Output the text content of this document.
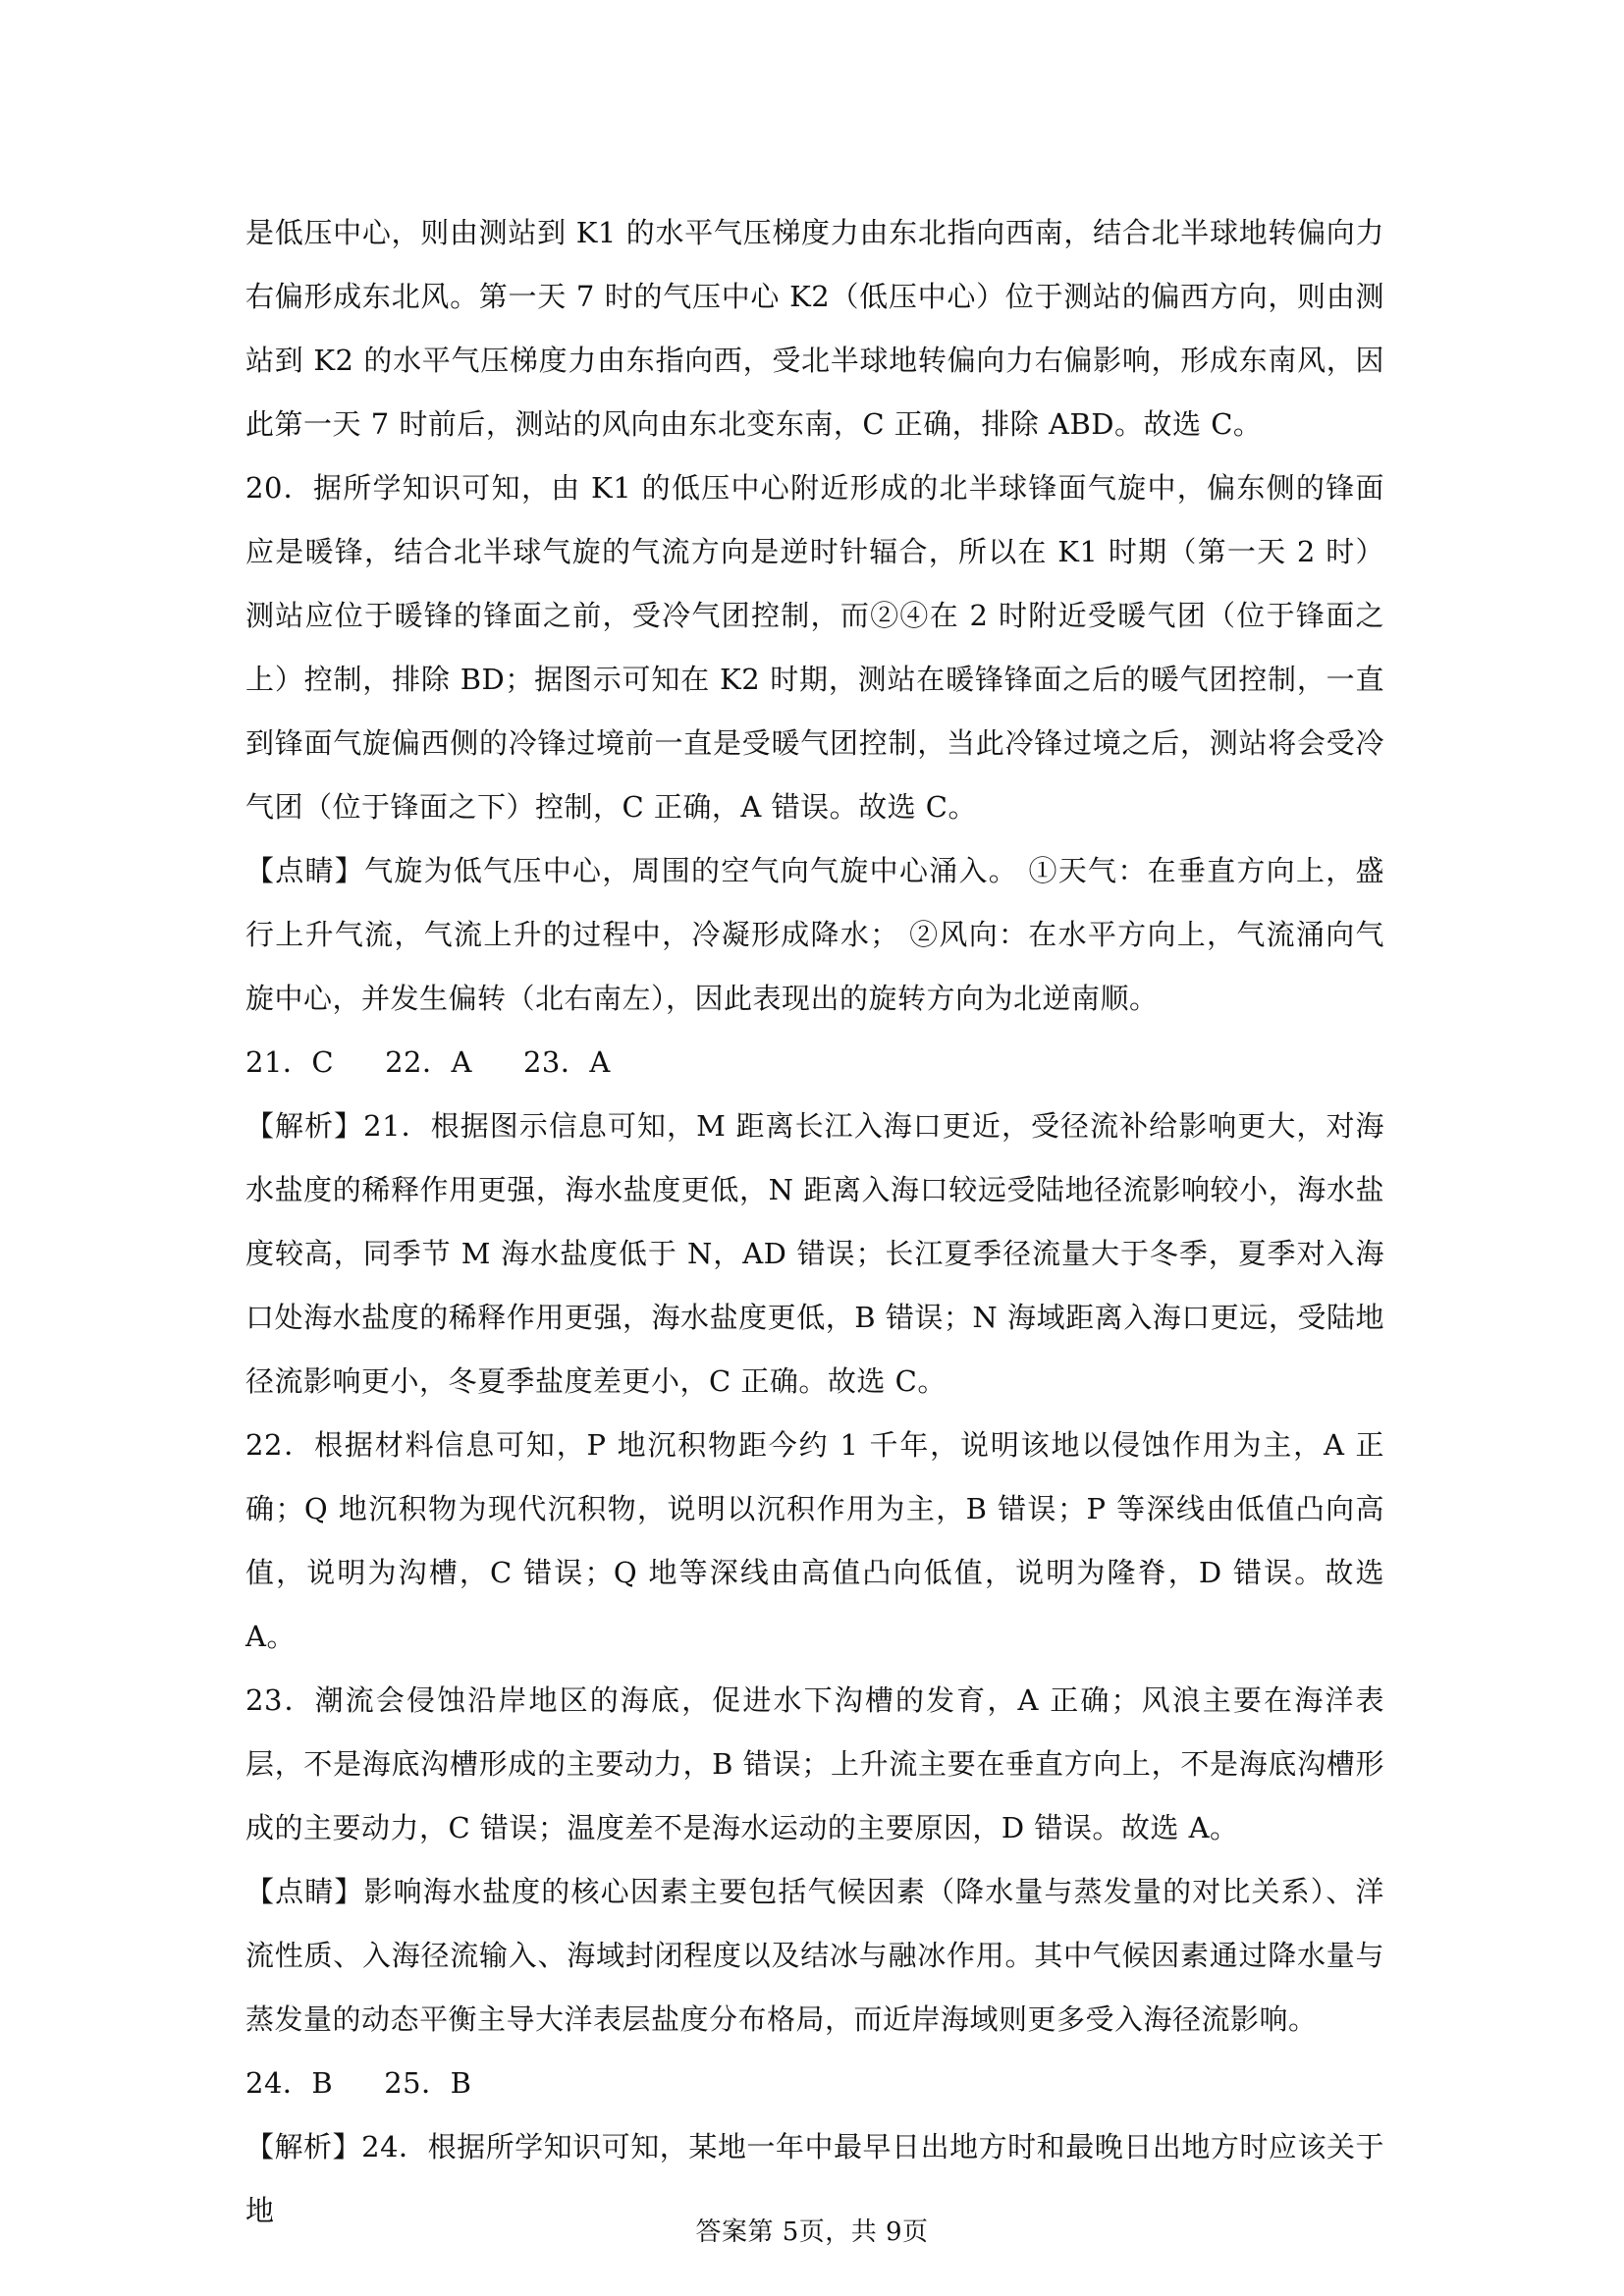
是低压中心，则由测站到 K1 的水平气压梯度力由东北指向西南，结合北半球地转偏向力右偏形成东北风。第一天 7 时的气压中心 K2（低压中心）位于测站的偏西方向，则由测站到 K2 的水平气压梯度力由东指向西，受北半球地转偏向力右偏影响，形成东南风，因此第一天 7 时前后，测站的风向由东北变东南，C 正确，排除 ABD。故选 C。

20．据所学知识可知，由 K1 的低压中心附近形成的北半球锋面气旋中，偏东侧的锋面应是暖锋，结合北半球气旋的气流方向是逆时针辐合，所以在 K1 时期（第一天 2 时）测站应位于暖锋的锋面之前，受冷气团控制，而②④在 2 时附近受暖气团（位于锋面之上）控制，排除 BD；据图示可知在 K2 时期，测站在暖锋锋面之后的暖气团控制，一直到锋面气旋偏西侧的冷锋过境前一直是受暖气团控制，当此冷锋过境之后，测站将会受冷气团（位于锋面之下）控制，C 正确，A 错误。故选 C。

【点睛】气旋为低气压中心，周围的空气向气旋中心涌入。 ①天气：在垂直方向上，盛行上升气流，气流上升的过程中，冷凝形成降水； ②风向：在水平方向上，气流涌向气旋中心，并发生偏转（北右南左），因此表现出的旋转方向为北逆南顺。

21．C 22．A 23．A

【解析】21．根据图示信息可知，M 距离长江入海口更近，受径流补给影响更大，对海水盐度的稀释作用更强，海水盐度更低，N 距离入海口较远受陆地径流影响较小，海水盐度较高，同季节 M 海水盐度低于 N，AD 错误；长江夏季径流量大于冬季，夏季对入海口处海水盐度的稀释作用更强，海水盐度更低，B 错误；N 海域距离入海口更远，受陆地径流影响更小，冬夏季盐度差更小，C 正确。故选 C。

22．根据材料信息可知，P 地沉积物距今约 1 千年，说明该地以侵蚀作用为主，A 正确；Q 地沉积物为现代沉积物，说明以沉积作用为主，B 错误；P 等深线由低值凸向高值，说明为沟槽，C 错误；Q 地等深线由高值凸向低值，说明为隆脊，D 错误。故选 A。

23．潮流会侵蚀沿岸地区的海底，促进水下沟槽的发育，A 正确；风浪主要在海洋表层，不是海底沟槽形成的主要动力，B 错误；上升流主要在垂直方向上，不是海底沟槽形成的主要动力，C 错误；温度差不是海水运动的主要原因，D 错误。故选 A。

【点睛】影响海水盐度的核心因素主要包括气候因素（降水量与蒸发量的对比关系）、洋流性质、入海径流输入、海域封闭程度以及结冰与融冰作用。其中气候因素通过降水量与蒸发量的动态平衡主导大洋表层盐度分布格局，而近岸海域则更多受入海径流影响。

24．B 25．B

【解析】24．根据所学知识可知，某地一年中最早日出地方时和最晚日出地方时应该关于地

答案第 5页，共 9页
